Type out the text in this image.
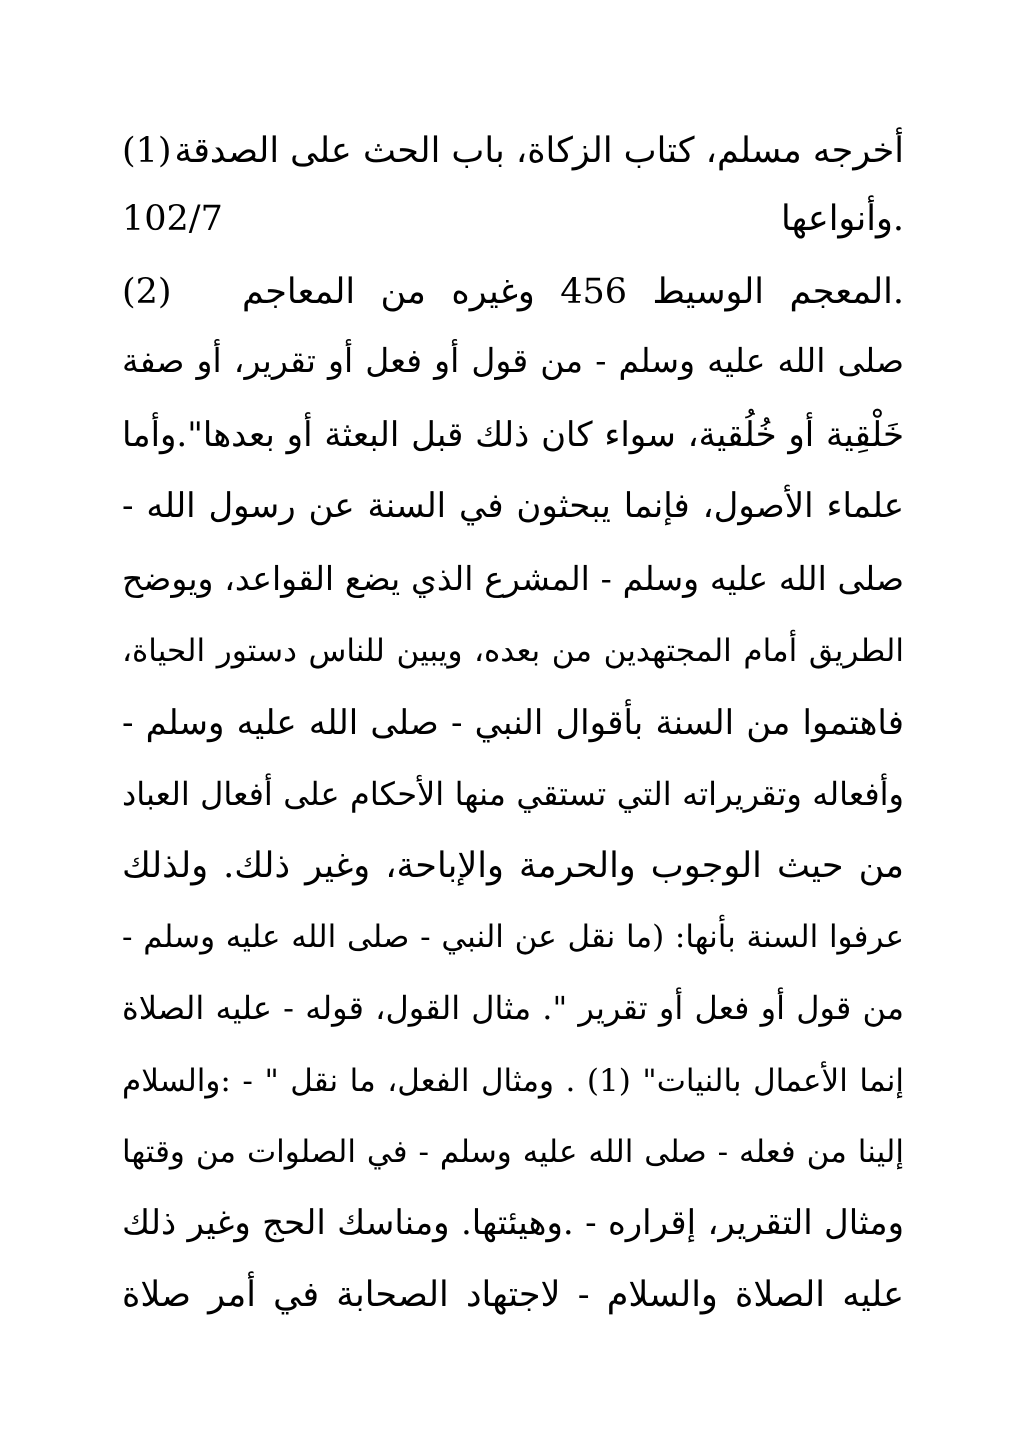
(1) أخرجه مسلم، كتاب الزكاة، باب الحث على الصدقة
102/7	.وأنواعها
(2) .المعجم الوسيط 456 وغيره من المعاجم
صلى الله عليه وسلم - من قول أو فعل أو تقرير، أو صفة
خَلْقِية أو خُلُقية، سواء كان ذلك قبل البعثة أو بعدها".وأما
علماء الأصول، فإنما يبحثون في السنة عن رسول الله -
صلى الله عليه وسلم - المشرع الذي يضع القواعد، ويوضح
الطريق أمام المجتهدين من بعده، ويبين للناس دستور الحياة،
فاهتموا من السنة بأقوال النبي - صلى الله عليه وسلم -
وأفعاله وتقريراته التي تستقي منها الأحكام على أفعال العباد
من حيث الوجوب والحرمة والإباحة، وغير ذلك. ولذلك
عرفوا السنة بأنها: (ما نقل عن النبي - صلى الله عليه وسلم -
من قول أو فعل أو تقرير ". مثال القول، قوله - عليه الصلاة
إنما الأعمال بالنيات" (1) . ومثال الفعل، ما نقل " - :والسلام
إلينا من فعله - صلى الله عليه وسلم - في الصلوات من وقتها
ومثال التقرير، إقراره - .وهيئتها. ومناسك الحج وغير ذلك
عليه الصلاة والسلام - لاجتهاد الصحابة في أمر صلاة
